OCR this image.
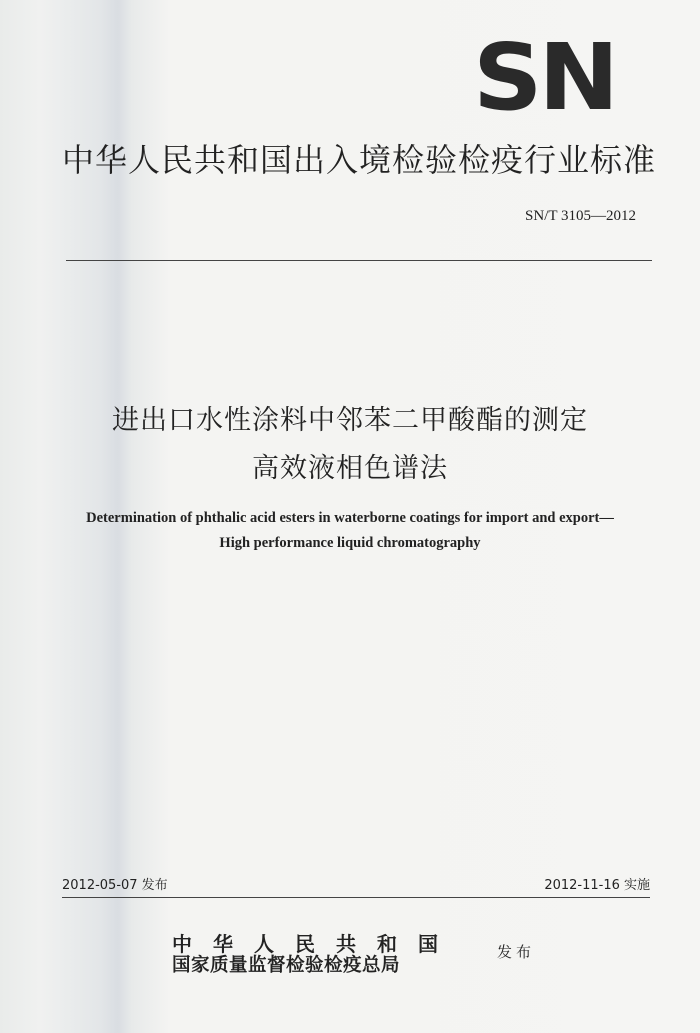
SN
中华人民共和国出入境检验检疫行业标准
SN/T 3105—2012
进出口水性涂料中邻苯二甲酸酯的测定
高效液相色谱法
Determination of phthalic acid esters in waterborne coatings for import and export—
High performance liquid chromatography
2012-05-07 发布	2012-11-16 实施
中华人民共和国
国家质量监督检验检疫总局
发布
